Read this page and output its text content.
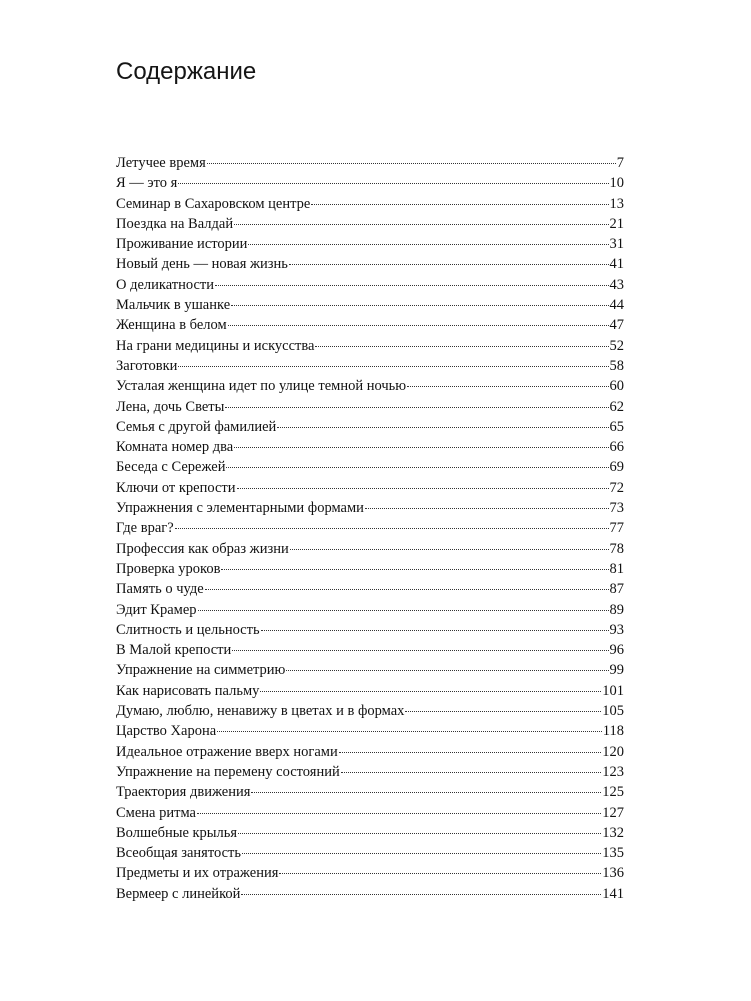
Содержание
Летучее время	7
Я — это я	10
Семинар в Сахаровском центре	13
Поездка на Валдай	21
Проживание истории	31
Новый день — новая жизнь	41
О деликатности	43
Мальчик в ушанке	44
Женщина в белом	47
На грани медицины и искусства	52
Заготовки	58
Усталая женщина идет по улице темной ночью	60
Лена, дочь Светы	62
Семья с другой фамилией	65
Комната номер два	66
Беседа с Сережей	69
Ключи от крепости	72
Упражнения с элементарными формами	73
Где враг?	77
Профессия как образ жизни	78
Проверка уроков	81
Память о чуде	87
Эдит Крамер	89
Слитность и цельность	93
В Малой крепости	96
Упражнение на симметрию	99
Как нарисовать пальму	101
Думаю, люблю, ненавижу в цветах и в формах	105
Царство Харона	118
Идеальное отражение вверх ногами	120
Упражнение на перемену состояний	123
Траектория движения	125
Смена ритма	127
Волшебные крылья	132
Всеобщая занятость	135
Предметы и их отражения	136
Вермеер с линейкой	141
